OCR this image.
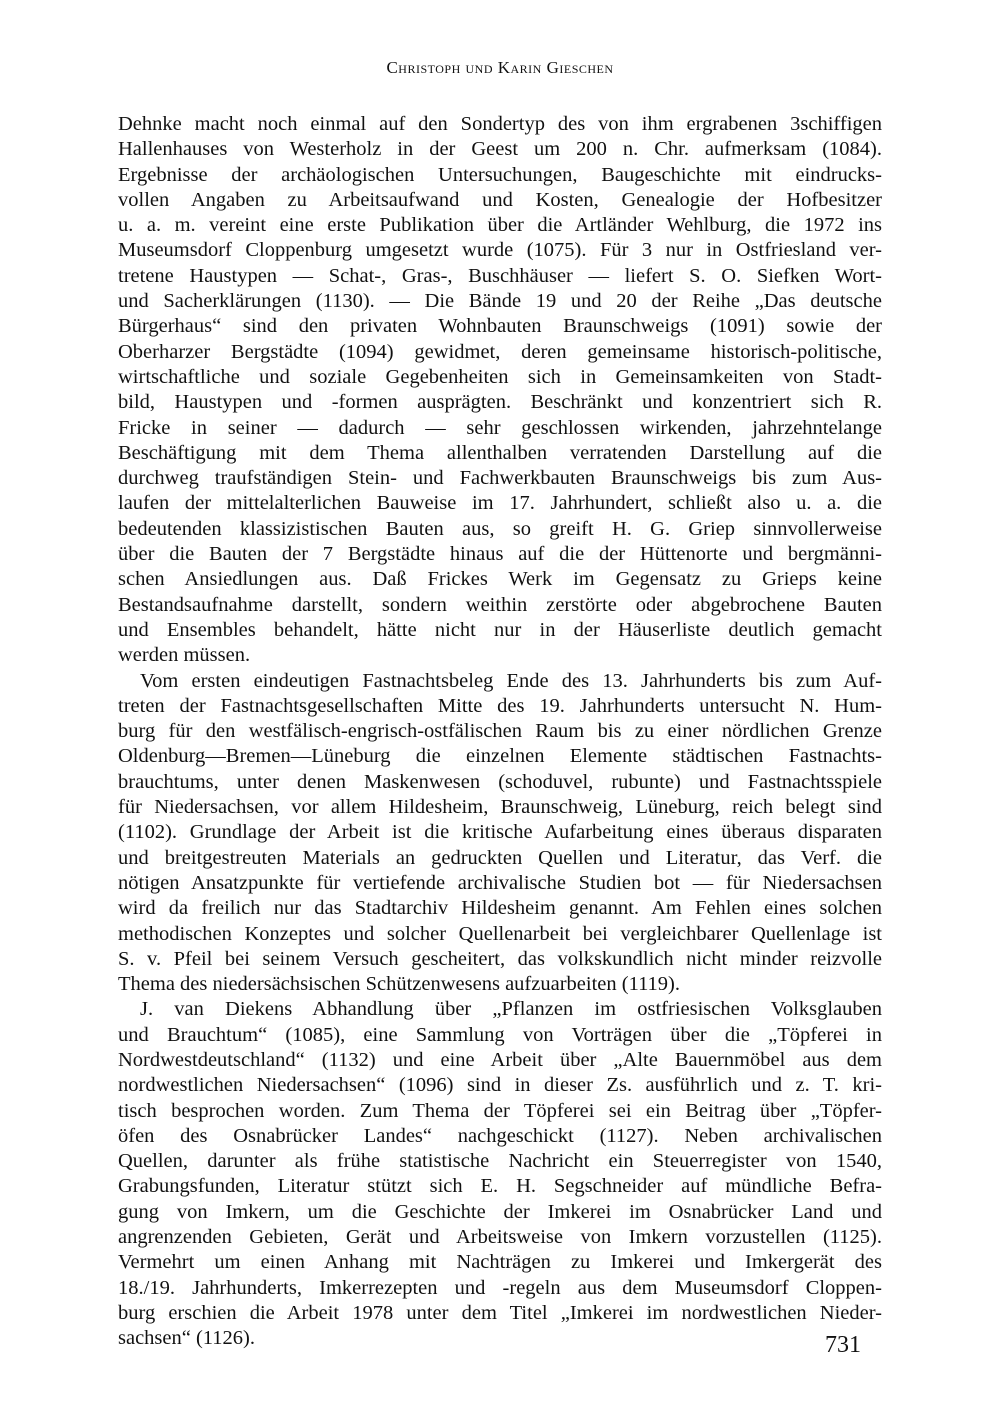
Christoph und Karin Gieschen
Dehnke macht noch einmal auf den Sondertyp des von ihm ergrabenen 3schiffigen
Hallenhauses von Westerholz in der Geest um 200 n. Chr. aufmerksam (1084).
Ergebnisse der archäologischen Untersuchungen, Baugeschichte mit eindrucks-
vollen Angaben zu Arbeitsaufwand und Kosten, Genealogie der Hofbesitzer
u. a. m. vereint eine erste Publikation über die Artländer Wehlburg, die 1972 ins
Museumsdorf Cloppenburg umgesetzt wurde (1075). Für 3 nur in Ostfriesland ver-
tretene Haustypen — Schat-, Gras-, Buschhäuser — liefert S. O. Siefken Wort-
und Sacherklärungen (1130). — Die Bände 19 und 20 der Reihe „Das deutsche
Bürgerhaus“ sind den privaten Wohnbauten Braunschweigs (1091) sowie der
Oberharzer Bergstädte (1094) gewidmet, deren gemeinsame historisch-politische,
wirtschaftliche und soziale Gegebenheiten sich in Gemeinsamkeiten von Stadt-
bild, Haustypen und -formen ausprägten. Beschränkt und konzentriert sich R.
Fricke in seiner — dadurch — sehr geschlossen wirkenden, jahrzehntelange
Beschäftigung mit dem Thema allenthalben verratenden Darstellung auf die
durchweg traufständigen Stein- und Fachwerkbauten Braunschweigs bis zum Aus-
laufen der mittelalterlichen Bauweise im 17. Jahrhundert, schließt also u. a. die
bedeutenden klassizistischen Bauten aus, so greift H. G. Griep sinnvollerweise
über die Bauten der 7 Bergstädte hinaus auf die der Hüttenorte und bergmänni-
schen Ansiedlungen aus. Daß Frickes Werk im Gegensatz zu Grieps keine
Bestandsaufnahme darstellt, sondern weithin zerstörte oder abgebrochene Bauten
und Ensembles behandelt, hätte nicht nur in der Häuserliste deutlich gemacht
werden müssen.
Vom ersten eindeutigen Fastnachtsbeleg Ende des 13. Jahrhunderts bis zum Auf-
treten der Fastnachtsgesellschaften Mitte des 19. Jahrhunderts untersucht N. Hum-
burg für den westfälisch-engrisch-ostfälischen Raum bis zu einer nördlichen Grenze
Oldenburg—Bremen—Lüneburg die einzelnen Elemente städtischen Fastnachts-
brauchtums, unter denen Maskenwesen (schoduvel, rubunte) und Fastnachtsspiele
für Niedersachsen, vor allem Hildesheim, Braunschweig, Lüneburg, reich belegt sind
(1102). Grundlage der Arbeit ist die kritische Aufarbeitung eines überaus disparaten
und breitgestreuten Materials an gedruckten Quellen und Literatur, das Verf. die
nötigen Ansatzpunkte für vertiefende archivalische Studien bot — für Niedersachsen
wird da freilich nur das Stadtarchiv Hildesheim genannt. Am Fehlen eines solchen
methodischen Konzeptes und solcher Quellenarbeit bei vergleichbarer Quellenlage ist
S. v. Pfeil bei seinem Versuch gescheitert, das volkskundlich nicht minder reizvolle
Thema des niedersächsischen Schützenwesens aufzuarbeiten (1119).
J. van Diekens Abhandlung über „Pflanzen im ostfriesischen Volksglauben
und Brauchtum“ (1085), eine Sammlung von Vorträgen über die „Töpferei in
Nordwestdeutschland“ (1132) und eine Arbeit über „Alte Bauernmöbel aus dem
nordwestlichen Niedersachsen“ (1096) sind in dieser Zs. ausführlich und z. T. kri-
tisch besprochen worden. Zum Thema der Töpferei sei ein Beitrag über „Töpfer-
öfen des Osnabrücker Landes“ nachgeschickt (1127). Neben archivalischen
Quellen, darunter als frühe statistische Nachricht ein Steuerregister von 1540,
Grabungsfunden, Literatur stützt sich E. H. Segschneider auf mündliche Befra-
gung von Imkern, um die Geschichte der Imkerei im Osnabrücker Land und
angrenzenden Gebieten, Gerät und Arbeitsweise von Imkern vorzustellen (1125).
Vermehrt um einen Anhang mit Nachträgen zu Imkerei und Imkergerät des
18./19. Jahrhunderts, Imkerrezepten und -regeln aus dem Museumsdorf Cloppen-
burg erschien die Arbeit 1978 unter dem Titel „Imkerei im nordwestlichen Nieder-
sachsen“ (1126).	731
